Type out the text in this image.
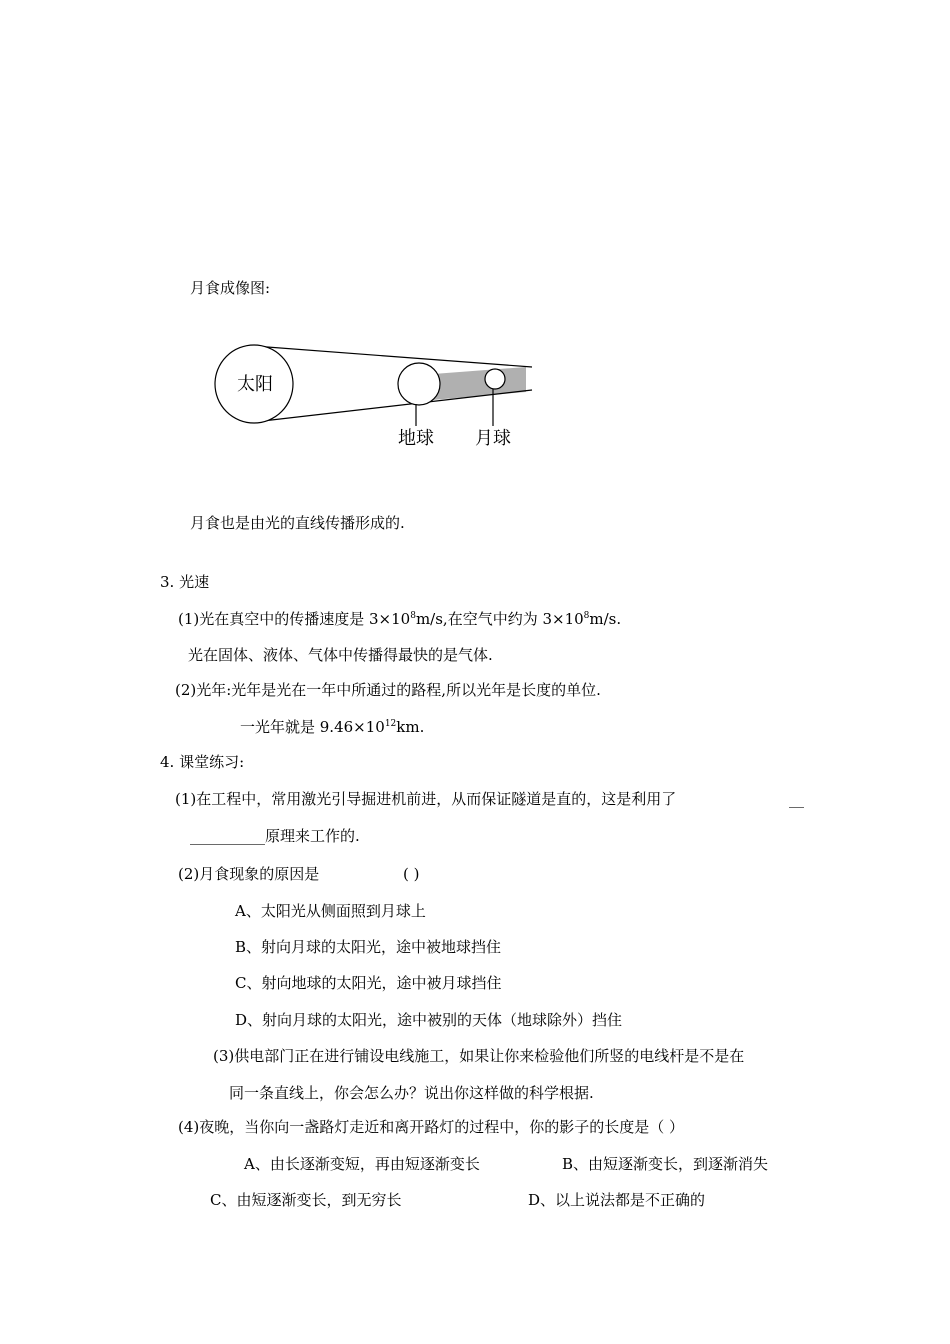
月食成像图:
太阳
地球 月球
月食也是由光的直线传播形成的.
3. 光速
(1)光在真空中的传播速度是 $3\times 10^8m/s$,在空气中约为 $3\times 10^8m/s$.
光在固体、液体、气体中传播得最快的是气体.
(2)光年:光年是光在一年中所通过的路程,所以光年是长度的单位.
一光年就是 $9.46\times 10^{12}km$.
4. 课堂练习:
(1)在工程中，常用激光引导掘进机前进，从而保证隧道是直的，这是利用了	__
__________原理来工作的.
(2)月食现象的原因是	( )
A、太阳光从侧面照到月球上
B、射向月球的太阳光，途中被地球挡住
C、射向地球的太阳光，途中被月球挡住
D、射向月球的太阳光，途中被别的天体（地球除外）挡住
(3)供电部门正在进行铺设电线施工，如果让你来检验他们所竖的电线杆是不是在
同一条直线上，你会怎么办？说出你这样做的科学根据.
(4)夜晚，当你向一盏路灯走近和离开路灯的过程中，你的影子的长度是（ ）
A、由长逐渐变短，再由短逐渐变长	B、由短逐渐变长，到逐渐消失
C、由短逐渐变长，到无穷长	D、以上说法都是不正确的
